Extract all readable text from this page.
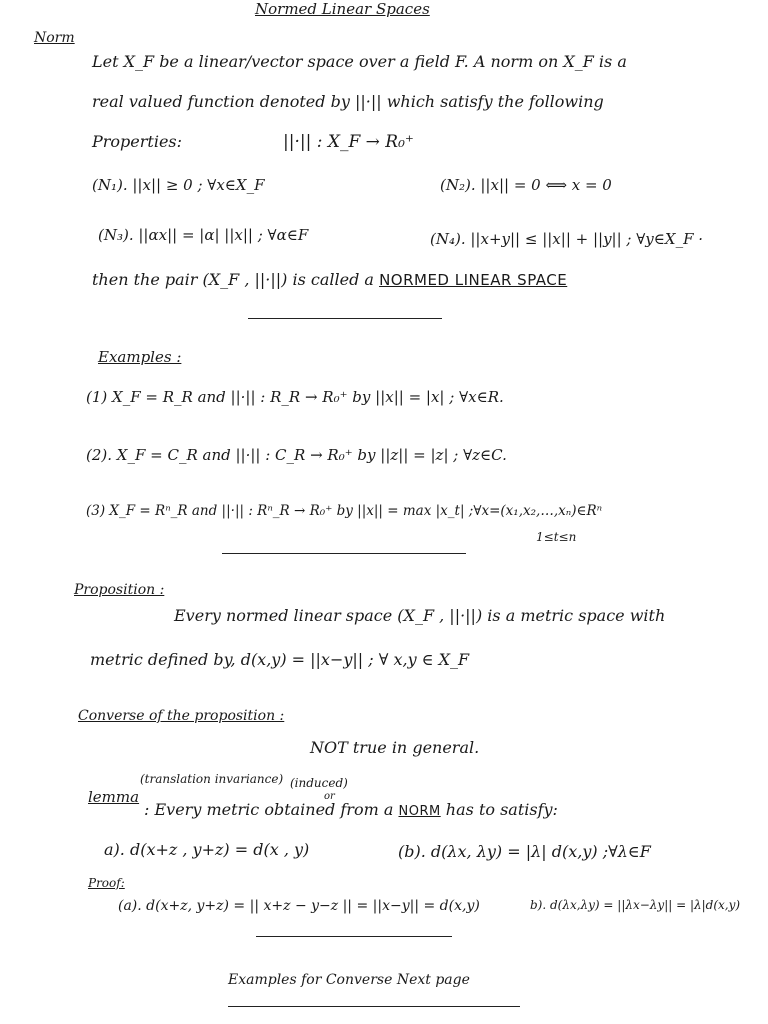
Normed Linear Spaces
Norm
Let X_F be a linear/vector space over a field F. A norm on X_F is a
real valued function denoted by ||·|| which satisfy the following
Properties:	||·|| : X_F → R₀⁺
(N₁). ||x|| ≥ 0 ; ∀x∈X_F	(N₂). ||x|| = 0 ⟺ x = 0
(N₃). ||αx|| = |α| ||x|| ; ∀α∈F	(N₄). ||x+y|| ≤ ||x|| + ||y|| ; ∀y∈X_F ·
then the pair (X_F , ||·||) is called a NORMED LINEAR SPACE
Examples :
(1) X_F = R_R and ||·|| : R_R → R₀⁺ by ||x|| = |x| ; ∀x∈R.
(2). X_F = C_R and ||·|| : C_R → R₀⁺ by ||z|| = |z| ; ∀z∈C.
(3) X_F = Rⁿ_R and ||·|| : Rⁿ_R → R₀⁺ by ||x|| = max |x_t| ;∀x=(x₁,x₂,…,xₙ)∈Rⁿ
1≤t≤n
Proposition :
Every normed linear space (X_F , ||·||) is a metric space with
metric defined by, d(x,y) = ||x−y|| ; ∀ x,y ∈ X_F
Converse of the proposition :
NOT true in general.
(translation invariance) (induced)
or
lemma
: Every metric obtained from a NORM has to satisfy:
a). d(x+z , y+z) = d(x , y)	(b). d(λx, λy) = |λ| d(x,y) ;∀λ∈F
Proof:
(a). d(x+z, y+z) = || x+z − y−z || = ||x−y|| = d(x,y)	b). d(λx,λy) = ||λx−λy|| = |λ|d(x,y)
Examples for Converse Next page
